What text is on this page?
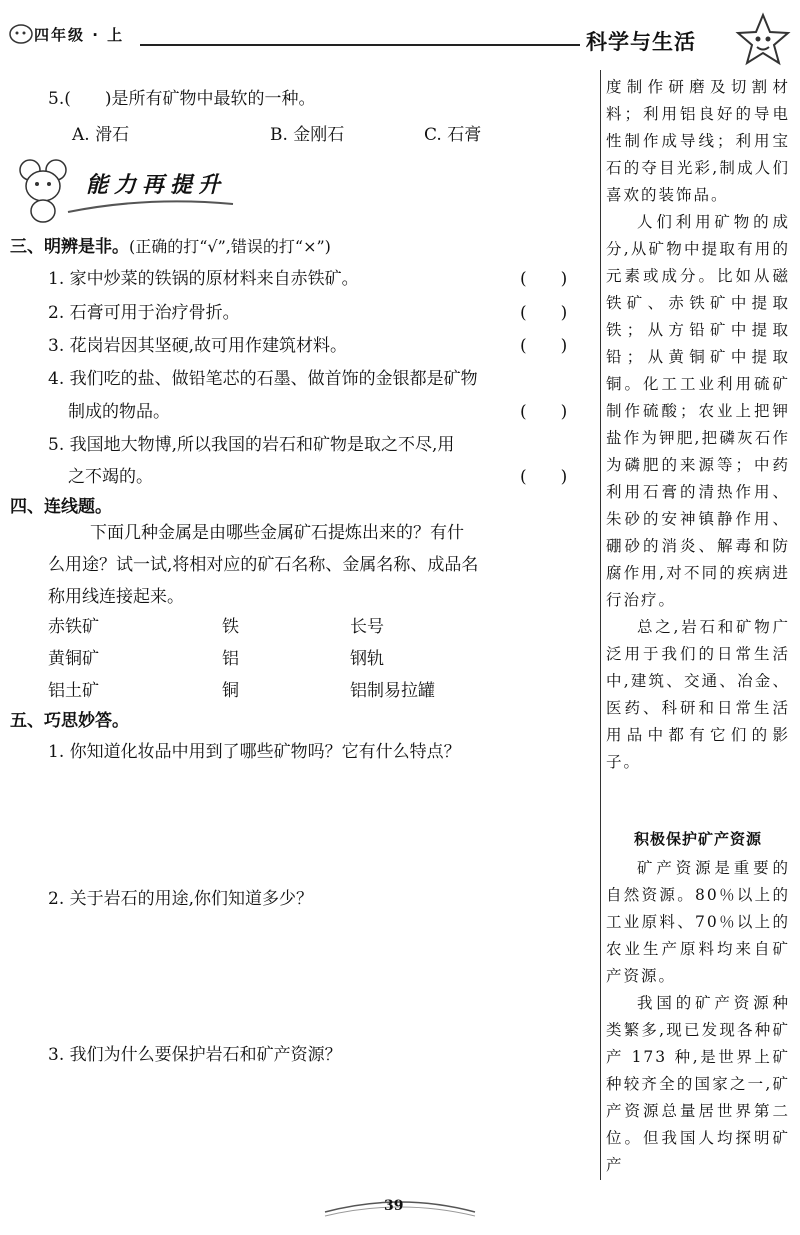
四年级 · 上	科学与生活
5.(　　)是所有矿物中最软的一种。
A. 滑石	B. 金刚石	C. 石膏
能力再提升
三、明辨是非。(正确的打“√”,错误的打“×”)
1. 家中炒菜的铁锅的原材料来自赤铁矿。	(　　)
2. 石膏可用于治疗骨折。	(　　)
3. 花岗岩因其坚硬,故可用作建筑材料。	(　　)
4. 我们吃的盐、做铅笔芯的石墨、做首饰的金银都是矿物
制成的物品。	(　　)
5. 我国地大物博,所以我国的岩石和矿物是取之不尽,用
之不竭的。	(　　)
四、连线题。
下面几种金属是由哪些金属矿石提炼出来的？有什
么用途？试一试,将相对应的矿石名称、金属名称、成品名
称用线连接起来。
赤铁矿	铁	长号
黄铜矿	铝	钢轨
铝土矿	铜	铝制易拉罐
五、巧思妙答。
1. 你知道化妆品中用到了哪些矿物吗？它有什么特点？
2. 关于岩石的用途,你们知道多少？
3. 我们为什么要保护岩石和矿产资源？

度制作研磨及切割材料；利用铝良好的导电性制作成导线；利用宝石的夺目光彩,制成人们喜欢的装饰品。

人们利用矿物的成分,从矿物中提取有用的元素或成分。比如从磁铁矿、赤铁矿中提取铁；从方铅矿中提取铅；从黄铜矿中提取铜。化工工业利用硫矿制作硫酸；农业上把钾盐作为钾肥,把磷灰石作为磷肥的来源等；中药利用石膏的清热作用、朱砂的安神镇静作用、硼砂的消炎、解毒和防腐作用,对不同的疾病进行治疗。

总之,岩石和矿物广泛用于我们的日常生活中,建筑、交通、冶金、医药、科研和日常生活用品中都有它们的影子。

积极保护矿产资源

矿产资源是重要的自然资源。80％以上的工业原料、70％以上的农业生产原料均来自矿产资源。

我国的矿产资源种类繁多,现已发现各种矿产 173 种,是世界上矿种较齐全的国家之一,矿产资源总量居世界第二位。但我国人均探明矿产

39
